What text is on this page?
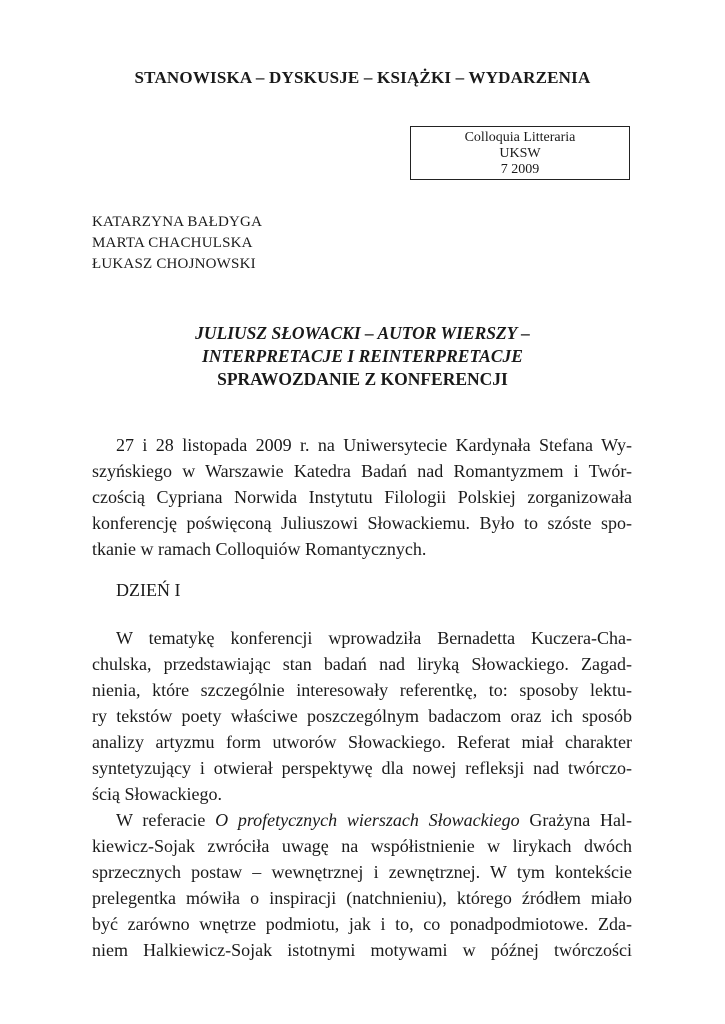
STANOWISKA – DYSKUSJE – KSIĄŻKI – WYDARZENIA
Colloquia Litteraria
UKSW
7 2009
KATARZYNA BAŁDYGA
MARTA CHACHULSKA
ŁUKASZ CHOJNOWSKI
JULIUSZ SŁOWACKI – AUTOR WIERSZY –
INTERPRETACJE I REINTERPRETACJE
SPRAWOZDANIE Z KONFERENCJI
27 i 28 listopada 2009 r. na Uniwersytecie Kardynała Stefana Wy-
szyńskiego w Warszawie Katedra Badań nad Romantyzmem i Twór-
czością Cypriana Norwida Instytutu Filologii Polskiej zorganizowała
konferencję poświęconą Juliuszowi Słowackiemu. Było to szóste spo-
tkanie w ramach Colloquiów Romantycznych.
DZIEŃ I
W tematykę konferencji wprowadziła Bernadetta Kuczera-Cha-
chulska, przedstawiając stan badań nad liryką Słowackiego. Zagad-
nienia, które szczególnie interesowały referentkę, to: sposoby lektu-
ry tekstów poety właściwe poszczególnym badaczom oraz ich sposób
analizy artyzmu form utworów Słowackiego. Referat miał charakter
syntetyzujący i otwierał perspektywę dla nowej refleksji nad twórczo-
ścią Słowackiego.
W referacie O profetycznych wierszach Słowackiego Grażyna Hal-
kiewicz-Sojak zwróciła uwagę na współistnienie w lirykach dwóch
sprzecznych postaw – wewnętrznej i zewnętrznej. W tym kontekście
prelegentka mówiła o inspiracji (natchnieniu), którego źródłem miało
być zarówno wnętrze podmiotu, jak i to, co ponadpodmiotowe. Zda-
niem Halkiewicz-Sojak istotnymi motywami w późnej twórczości
